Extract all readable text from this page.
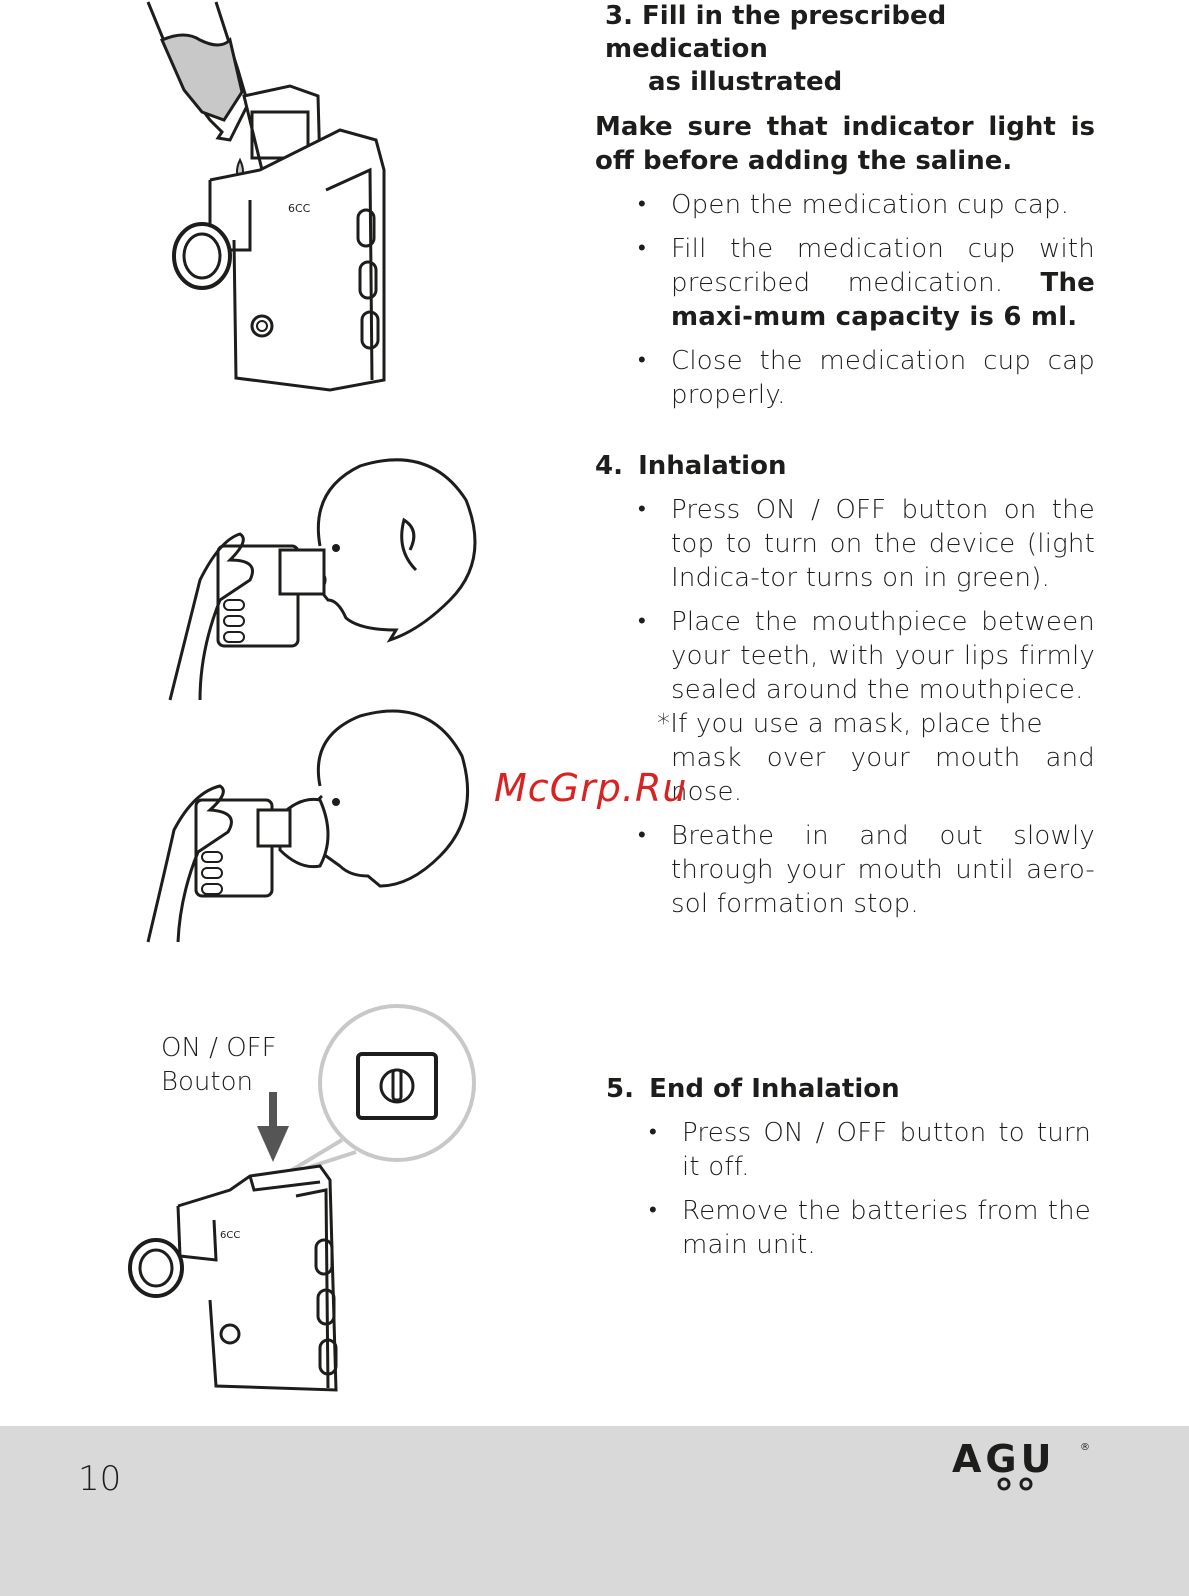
6CC
ON / OFF
Bouton
6CC
3. Fill in the prescribed medication
as illustrated

Make sure that indicator light is off before adding the saline.

• Open the medication cup cap.
• Fill the medication cup with prescribed medication. The maxi-mum capacity is 6 ml.
• Close the medication cup cap properly.
4. Inhalation
• Press ON / OFF button on the top to turn on the device (light Indica-tor turns on in green).
• Place the mouthpiece between your teeth, with your lips firmly sealed around the mouthpiece.
*If you use a mask, place the
mask over your mouth and nose.
• Breathe in and out slowly through your mouth until aero-sol formation stop.
5. End of Inhalation
• Press ON / OFF button to turn it off.
• Remove the batteries from the main unit.
McGrp.Ru
10	AGU ®
